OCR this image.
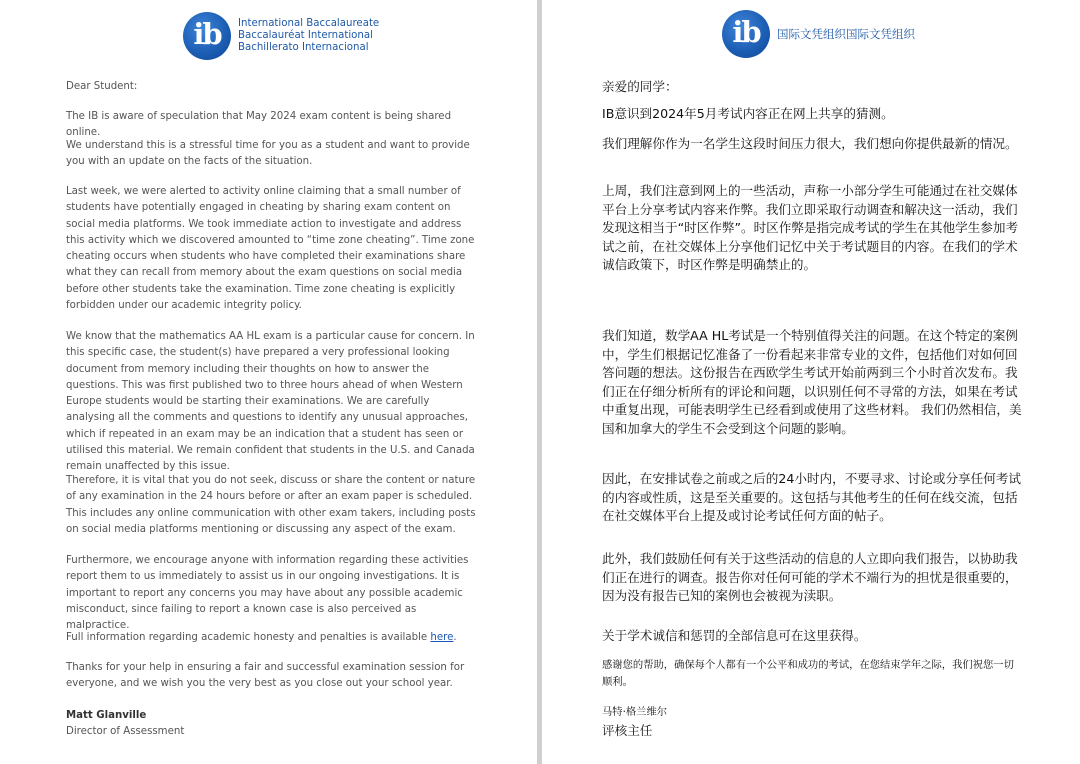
ib International Baccalaureate
Baccalauréat International
Bachillerato Internacional
Dear Student:
The IB is aware of speculation that May 2024 exam content is being shared online.
We understand this is a stressful time for you as a student and want to provide you with an update on the facts of the situation.
Last week, we were alerted to activity online claiming that a small number of students have potentially engaged in cheating by sharing exam content on social media platforms. We took immediate action to investigate and address this activity which we discovered amounted to “time zone cheating”. Time zone cheating occurs when students who have completed their examinations share what they can recall from memory about the exam questions on social media before other students take the examination. Time zone cheating is explicitly forbidden under our academic integrity policy.
We know that the mathematics AA HL exam is a particular cause for concern. In this specific case, the student(s) have prepared a very professional looking document from memory including their thoughts on how to answer the questions. This was first published two to three hours ahead of when Western Europe students would be starting their examinations. We are carefully analysing all the comments and questions to identify any unusual approaches, which if repeated in an exam may be an indication that a student has seen or utilised this material. We remain confident that students in the U.S. and Canada remain unaffected by this issue.
Therefore, it is vital that you do not seek, discuss or share the content or nature of any examination in the 24 hours before or after an exam paper is scheduled. This includes any online communication with other exam takers, including posts on social media platforms mentioning or discussing any aspect of the exam.
Furthermore, we encourage anyone with information regarding these activities report them to us immediately to assist us in our ongoing investigations. It is important to report any concerns you may have about any possible academic misconduct, since failing to report a known case is also perceived as malpractice.
Full information regarding academic honesty and penalties is available here.
Thanks for your help in ensuring a fair and successful examination session for everyone, and we wish you the very best as you close out your school year.
Matt Glanville
Director of Assessment
ib 国际文凭组织国际文凭组织
亲爱的同学：
IB意识到2024年5月考试内容正在网上共享的猜测。
我们理解你作为一名学生这段时间压力很大，我们想向你提供最新的情况。
上周，我们注意到网上的一些活动，声称一小部分学生可能通过在社交媒体平台上分享考试内容来作弊。我们立即采取行动调查和解决这一活动，我们发现这相当于“时区作弊”。时区作弊是指完成考试的学生在其他学生参加考试之前，在社交媒体上分享他们记忆中关于考试题目的内容。在我们的学术诚信政策下，时区作弊是明确禁止的。
我们知道，数学AA HL考试是一个特别值得关注的问题。在这个特定的案例中，学生们根据记忆准备了一份看起来非常专业的文件，包括他们对如何回答问题的想法。这份报告在西欧学生考试开始前两到三个小时首次发布。我们正在仔细分析所有的评论和问题，以识别任何不寻常的方法，如果在考试中重复出现，可能表明学生已经看到或使用了这些材料。 我们仍然相信，美国和加拿大的学生不会受到这个问题的影响。
因此，在安排试卷之前或之后的24小时内，不要寻求、讨论或分享任何考试的内容或性质，这是至关重要的。这包括与其他考生的任何在线交流，包括在社交媒体平台上提及或讨论考试任何方面的帖子。
此外，我们鼓励任何有关于这些活动的信息的人立即向我们报告，以协助我们正在进行的调查。报告你对任何可能的学术不端行为的担忧是很重要的，因为没有报告已知的案例也会被视为渎职。
关于学术诚信和惩罚的全部信息可在这里获得。
感谢您的帮助，确保每个人都有一个公平和成功的考试，在您结束学年之际，我们祝您一切顺利。
马特·格兰维尔
评核主任
